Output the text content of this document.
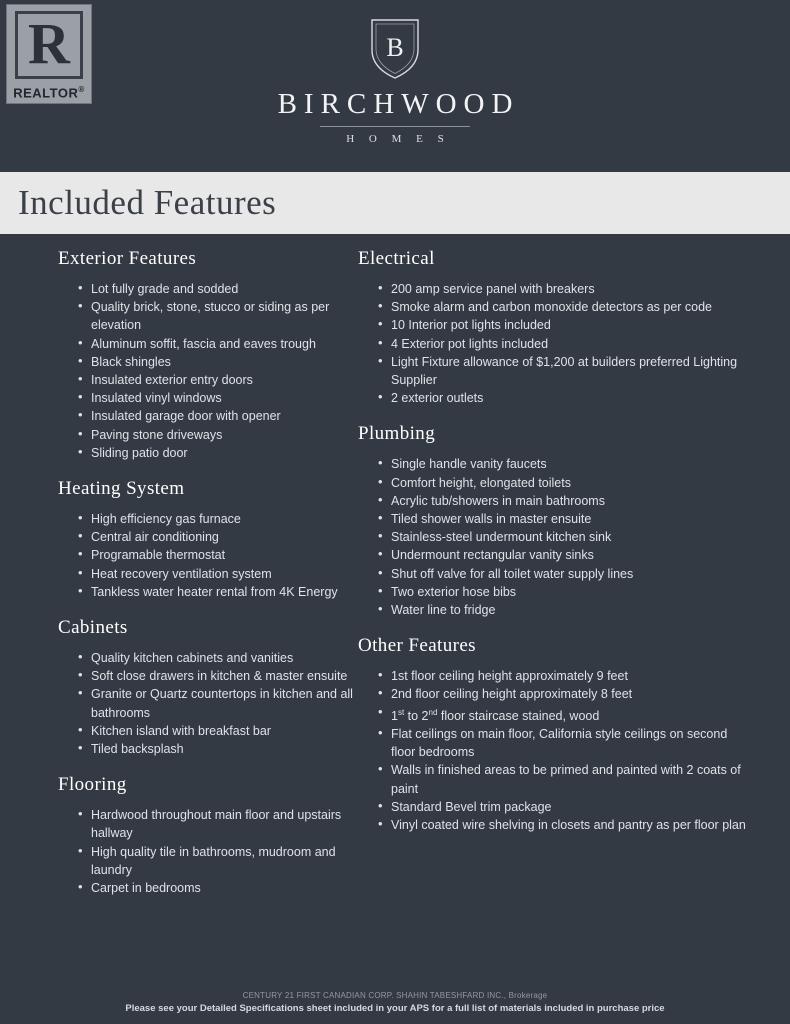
R
REALTOR®
B
BIRCHWOOD
H O M E S
Included Features
Exterior Features
• Lot fully grade and sodded
• Quality brick, stone, stucco or siding as per elevation
• Aluminum soffit, fascia and eaves trough
• Black shingles
• Insulated exterior entry doors
• Insulated vinyl windows
• Insulated garage door with opener
• Paving stone driveways
• Sliding patio door
Heating System
• High efficiency gas furnace
• Central air conditioning
• Programable thermostat
• Heat recovery ventilation system
• Tankless water heater rental from 4K Energy
Cabinets
• Quality kitchen cabinets and vanities
• Soft close drawers in kitchen & master ensuite
• Granite or Quartz countertops in kitchen and all bathrooms
• Kitchen island with breakfast bar
• Tiled backsplash
Flooring
• Hardwood throughout main floor and upstairs hallway
• High quality tile in bathrooms, mudroom and laundry
• Carpet in bedrooms
Electrical
• 200 amp service panel with breakers
• Smoke alarm and carbon monoxide detectors as per code
• 10 Interior pot lights included
• 4 Exterior pot lights included
• Light Fixture allowance of $1,200 at builders preferred Lighting Supplier
• 2 exterior outlets
Plumbing
• Single handle vanity faucets
• Comfort height, elongated toilets
• Acrylic tub/showers in main bathrooms
• Tiled shower walls in master ensuite
• Stainless-steel undermount kitchen sink
• Undermount rectangular vanity sinks
• Shut off valve for all toilet water supply lines
• Two exterior hose bibs
• Water line to fridge
Other Features
• 1st floor ceiling height approximately 9 feet
• 2nd floor ceiling height approximately 8 feet
• 1st to 2nd floor staircase stained, wood
• Flat ceilings on main floor, California style ceilings on second floor bedrooms
• Walls in finished areas to be primed and painted with 2 coats of paint
• Standard Bevel trim package
• Vinyl coated wire shelving in closets and pantry as per floor plan
CENTURY 21 FIRST CANADIAN CORP. SHAHIN TABESHFARD INC., Brokerage
Please see your Detailed Specifications sheet included in your APS for a full list of materials included in purchase price
